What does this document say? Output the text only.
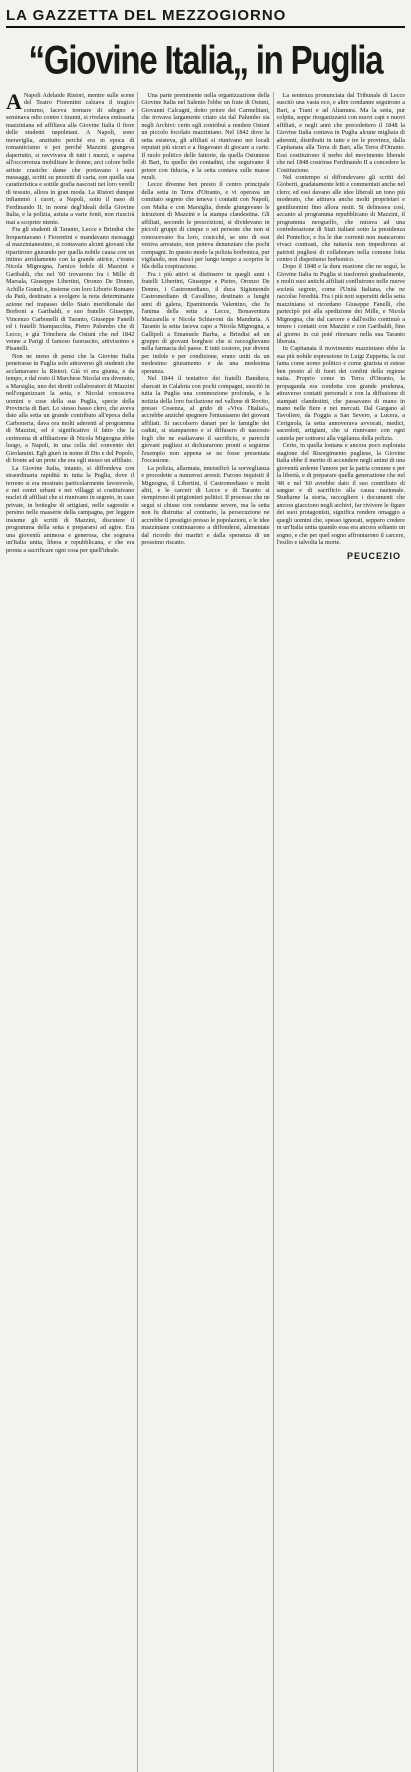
LA GAZZETTA DEL MEZZOGIORNO
“Giovine Italia„ in Puglia

A Napoli Adelaide Ristori, mentre sulle scene del Teatro Fiorentini calzava il tragico coturno, faceva tremare di sdegno e seminava odio contro i tiranni, si rivelava emissaria mazziniana ed affiliava alla Giovine Italia il fiore delle studenti napoletani. A Napoli, sono meraviglia, anzitutto perché era in epoca di romanticismo e poi perché Mazzini giungeva dapertutto, si ravvivava di tutti i mezzi, e sapeva all'occorrenza mobilitare le donne, arci colore belle artiste crasiche dame che portavano i suoi messaggi, scritti su pezzetti di carta, con quella sua caratteristica e sottile grafia nascosti nei loro verelli di tessuto, allora in gran moda. La Ristori dunque infiammò i cuori, a Napoli, sotto il naso di Ferdinando II, in nome degl'ideali della Giovine Italia, e la polizia, astuta a varie fonti, non riuscirà mai a scoprire niente.

Fra gli studenti di Taranto, Lecce e Brindisi che frequentavano i Fiorentini e mandavano messaggi al mazzinianesimo, si contavano alcuni giovani che ripartirono giurando per quella nobile causa con un intimo arrollamento con la grande attrice, c'erano Nicola Mignogna, l'amico fedele di Mazzini e Garibaldi, che nel '60 trovarono fra i Mille di Marsala, Giuseppe Libertini, Oronzo De Donno, Achille Grandi e, insieme con loro Liborio Romano da Patù, destinato a svolgere la nota determinante azione nel trapasso dello Stato meridionale dai Borboni a Garibaldi, e suo fratello Giuseppe, Vincenzo Carbonelli di Taranto, Giuseppe Fanelli ed i fratelli Stampacchia, Pietro Palumbo che di Lecce, e già Trinchera da Ostuni che nel 1842 venne a Parigi il famoso fuoruscito, attivissimo e Pisanelli.

Non ne meno di pensi che la Giovine Italia penetrasse in Puglia solo attraverso gli studenti che acclamavano la Ristori. Già vi era giunta, e da tempo, e dal resto il Marchese Nicolai era divenuto, a Marsiglia, uno dei diretti collaboratori di Mazzini nell'organizzare la setta, e Nicolai conosceva uomini e cose della sua Puglia, specie della Provincia di Bari. Lo stesso basso clero, che aveva dato alla setta un grande contributo all'epoca della Carboneria, dava ora molti aderenti al programma di Mazzini, ed è significativo il fatto che la cerimonia di affiliazione di Nicola Mignogna ebbe luogo, a Napoli, in una cella del convento dei Girolamini. Egli giurò in nome di Dio e del Popolo, di fronte ad un prete che era egli stesso un affiliato.

La Giovine Italia, intanto, si diffondeva con straordinaria rapidità in tutta la Puglia, dove il terreno si era mostrato particolarmente favorevole, e nei centri urbani e nei villaggi si costituivano nuclei di affiliati che si riunivano in segreto, in case private, in botteghe di artigiani, nelle sagrestie e persino nelle masserie della campagna, per leggere insieme gli scritti di Mazzini, discutere il programma della setta e prepararsi ad agire. Era una gioventù animosa e generosa, che sognava un'Italia unita, libera e repubblicana, e che era pronta a sacrificare ogni cosa per quell'ideale.

Una parte preminente nella organizzazione della Giovine Italia nel Salento l'ebbe un frate di Ostuni, Giovanni Calcagni, dotto priore dei Carmelitani, che trovava largamente citato sia dal Palumbo sia negli Archivi: certo egli contribuì a rendere Ostuni un piccolo focolaio mazziniano. Nel 1842 dove la setta esisteva, gli affiliati si riunivano nei locali reputati più sicuri e a fingevano di giocare a carte. Il ruolo politico delle fattorie, da quella Ostuniese di Bari, fu quello dei contadini, che seguivano il priore con fiducia, e la setta contava sulle masse rurali.

Lecce divenne ben presto il centro principale della setta in Terra d'Otranto, e vi operava un comitato segreto che teneva i contatti con Napoli, con Malta e con Marsiglia, donde giungevano le istruzioni di Mazzini e la stampa clandestina. Gli affiliati, secondo le prescrizioni, si dividevano in piccoli gruppi di cinque o sei persone che non si conoscevano fra loro, cosicché, se uno di essi veniva arrestato, non poteva denunziare che pochi compagni. In questo modo la polizia borbonica, pur vigilando, non riuscì per lungo tempo a scoprire le fila della cospirazione.

Fra i più attivi si distinsero in quegli anni i fratelli Libertini, Giuseppe e Pietro, Oronzo De Donno, i Castromediano, il duca Sigismondo Castromediano di Cavallino, destinato a lunghi anni di galera, Epaminonda Valentino, che fu l'anima della setta a Lecce, Bonaventura Mazzarella e Nicola Schiavoni da Manduria. A Taranto la setta faceva capo a Nicola Mignogna, a Gallipoli a Emanuele Barba, a Brindisi ad un gruppo di giovani borghesi che si raccoglievano nella farmacia del paese. E tutti costoro, pur diversi per indole e per condizione, erano uniti da un medesimo giuramento e da una medesima speranza.

Nel 1844 il tentativo dei fratelli Bandiera, sbarcati in Calabria con pochi compagni, suscitò in tutta la Puglia una commozione profonda, e la notizia della loro fucilazione nel vallone di Rovito, presso Cosenza, al grido di «Viva l'Italia!», accrebbe anziché spegnere l'entusiasmo dei giovani affiliati. Si raccolsero danari per le famiglie dei caduti, si stamparono e si diffusero di nascosto fogli che ne esaltavano il sacrificio, e parecchi giovani pugliesi si dichiararono pronti a seguirne l'esempio non appena se ne fosse presentata l'occasione.

La polizia, allarmata, intensificò la sorveglianza e procedette a numerosi arresti. Furono inquisiti il Mignogna, il Libertini, il Castromediano e molti altri, e le carceri di Lecce e di Taranto si riempirono di prigionieri politici. Il processo che ne seguì si chiuse con condanne severe, ma la setta non fu distrutta: al contrario, la persecuzione ne accrebbe il prestigio presso le popolazioni, e le idee mazziniane continuarono a diffondersi, alimentate dal ricordo dei martiri e dalla speranza di un prossimo riscatto.

La sentenza pronunciata dal Tribunale di Lecce suscitò una vasta eco, e altre condanne seguirono a Bari, a Trani e ad Altamura. Ma la setta, pur colpita, seppe riorganizzarsi con nuovi capi e nuovi affiliati, e negli anni che precedettero il 1848 la Giovine Italia contava in Puglia alcune migliaia di aderenti, distribuiti in tutte e tre le province, dalla Capitanata alla Terra di Bari, alla Terra d'Otranto. Essi costituirono il nerbo del movimento liberale che nel 1848 costrinse Ferdinando II a concedere la Costituzione.

Nel contempo si diffondevano gli scritti del Gioberti, gradatamente letti e commentati anche nel clero; ed essi davano alle idee liberali un tono più moderato, che attirava anche molti proprietari e gentiluomini fino allora restii. Si delineava così, accanto al programma repubblicano di Mazzini, il programma neoguelfo, che mirava ad una confederazione di Stati italiani sotto la presidenza del Pontefice, e fra le due correnti non mancarono vivaci contrasti, che tuttavia non impedirono ai patrioti pugliesi di collaborare nella comune lotta contro il dispotismo borbonico.

Dopo il 1848 e la dura reazione che ne seguì, la Giovine Italia in Puglia si trasformò gradualmente, e molti suoi antichi affiliati confluirono nelle nuove società segrete, come l'Unità Italiana, che ne raccolse l'eredità. Fra i più noti superstiti della setta mazziniana si ricordano Giuseppe Fanelli, che partecipò poi alla spedizione dei Mille, e Nicola Mignogna, che dal carcere e dall'esilio continuò a tenere i contatti con Mazzini e con Garibaldi, fino al giorno in cui poté ritornare nella sua Taranto liberata.

In Capitanata il movimento mazziniano ebbe la sua più nobile espressione in Luigi Zuppetta, la cui fama come uomo politico e come giurista si estese ben presto al di fuori dei confini della regione natia. Proprio come in Terra d'Otranto, la propaganda era condotta con grande prudenza, attraverso contatti personali e con la diffusione di stampati clandestini, che passavano di mano in mano nelle fiere e nei mercati. Dal Gargano al Tavoliere, da Foggia a San Severo, a Lucera, a Cerignola, la setta annoverava avvocati, medici, sacerdoti, artigiani, che si riunivano con ogni cautela per sottrarsi alla vigilanza della polizia.

Certo, in quella lontana e ancora poco esplorata stagione del Risorgimento pugliese, la Giovine Italia ebbe il merito di accendere negli animi di una gioventù ardente l'amore per la patria comune e per la libertà, e di preparare quella generazione che nel '48 e nel '60 avrebbe dato il suo contributo di sangue e di sacrificio alla causa nazionale. Studiarne la storia, raccogliere i documenti che ancora giacciono negli archivi, far rivivere le figure dei suoi protagonisti, significa rendere omaggio a quegli uomini che, spesso ignorati, seppero credere in un'Italia unita quando essa era ancora soltanto un sogno, e che per quel sogno affrontarono il carcere, l'esilio e talvolta la morte.

PEUCEZIO
